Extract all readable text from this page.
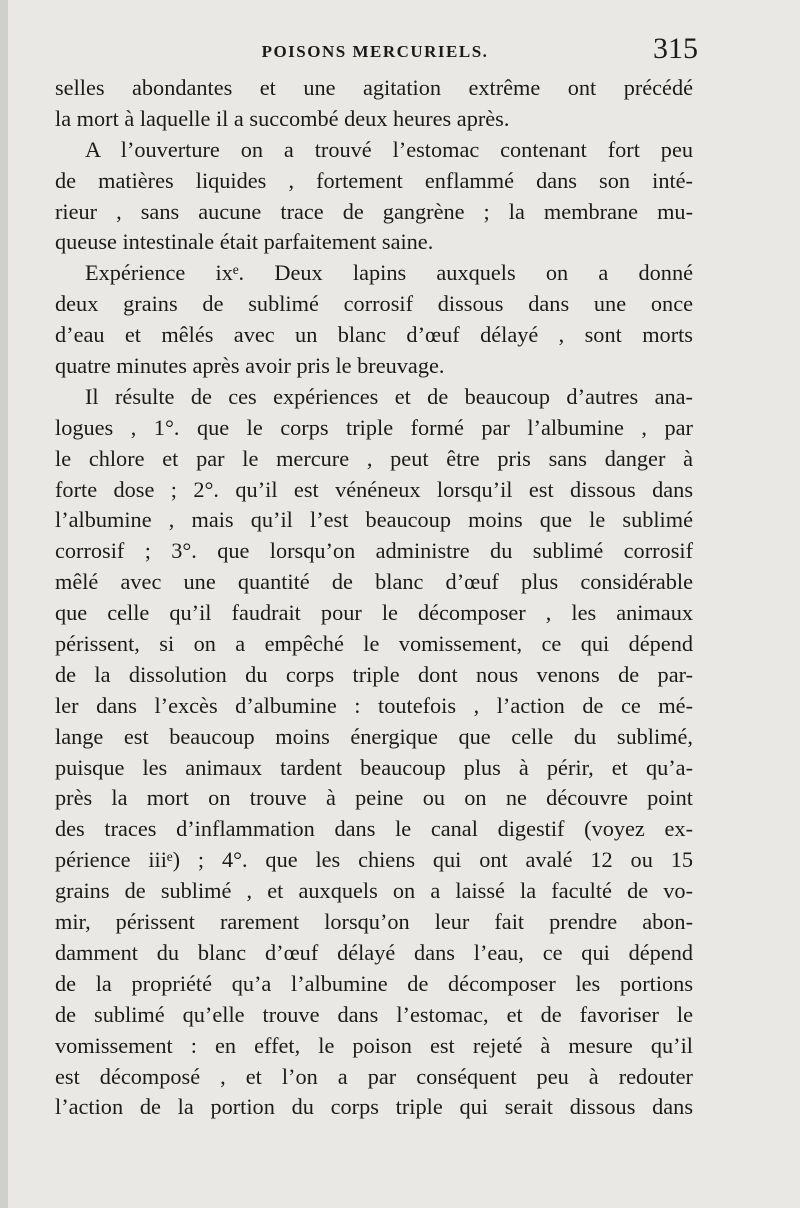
POISONS MERCURIELS.	315
selles abondantes et une agitation extrême ont précédé
la mort à laquelle il a succombé deux heures après.
A l’ouverture on a trouvé l’estomac contenant fort peu
de matières liquides , fortement enflammé dans son inté-
rieur , sans aucune trace de gangrène ; la membrane mu-
queuse intestinale était parfaitement saine.
Expérience ixᵉ. Deux lapins auxquels on a donné
deux grains de sublimé corrosif dissous dans une once
d’eau et mêlés avec un blanc d’œuf délayé , sont morts
quatre minutes après avoir pris le breuvage.
Il résulte de ces expériences et de beaucoup d’autres ana-
logues , 1°. que le corps triple formé par l’albumine , par
le chlore et par le mercure , peut être pris sans danger à
forte dose ; 2°. qu’il est vénéneux lorsqu’il est dissous dans
l’albumine , mais qu’il l’est beaucoup moins que le sublimé
corrosif ; 3°. que lorsqu’on administre du sublimé corrosif
mêlé avec une quantité de blanc d’œuf plus considérable
que celle qu’il faudrait pour le décomposer , les animaux
périssent, si on a empêché le vomissement, ce qui dépend
de la dissolution du corps triple dont nous venons de par-
ler dans l’excès d’albumine : toutefois , l’action de ce mé-
lange est beaucoup moins énergique que celle du sublimé,
puisque les animaux tardent beaucoup plus à périr, et qu’a-
près la mort on trouve à peine ou on ne découvre point
des traces d’inflammation dans le canal digestif (voyez ex-
périence iiiᵉ) ; 4°. que les chiens qui ont avalé 12 ou 15
grains de sublimé , et auxquels on a laissé la faculté de vo-
mir, périssent rarement lorsqu’on leur fait prendre abon-
damment du blanc d’œuf délayé dans l’eau, ce qui dépend
de la propriété qu’a l’albumine de décomposer les portions
de sublimé qu’elle trouve dans l’estomac, et de favoriser le
vomissement : en effet, le poison est rejeté à mesure qu’il
est décomposé , et l’on a par conséquent peu à redouter
l’action de la portion du corps triple qui serait dissous dans
